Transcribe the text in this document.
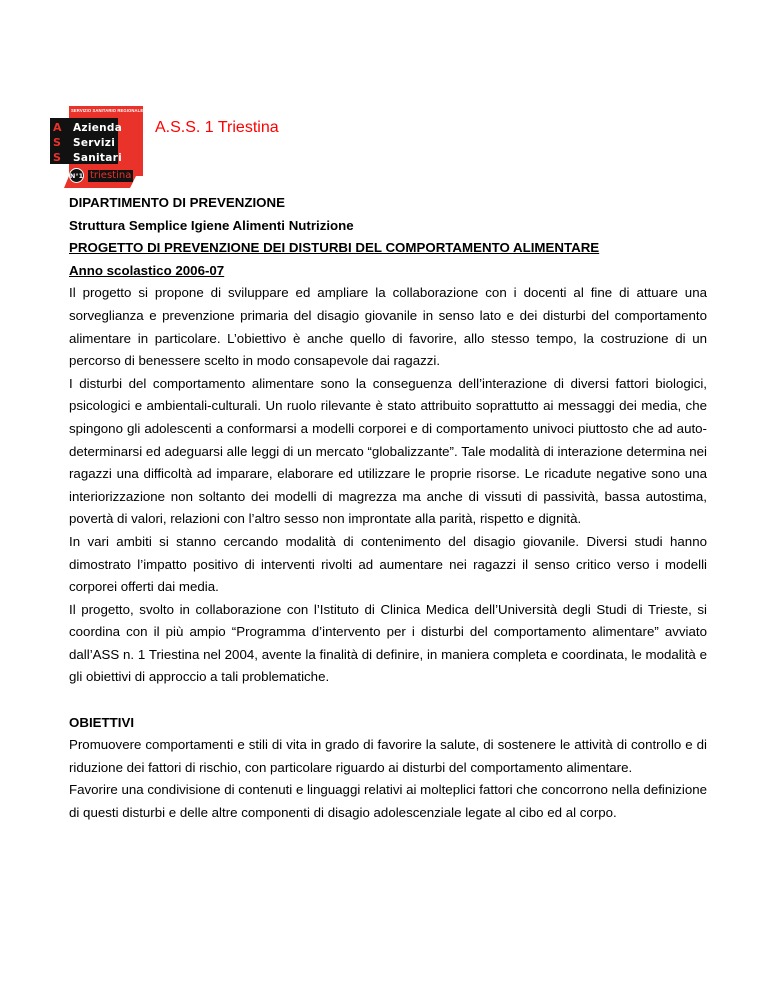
SERVIZIO SANITARIO REGIONALE
A
S
S
Azienda
Servizi
Sanitari
N°1 triestina
A.S.S. 1 Triestina

DIPARTIMENTO DI PREVENZIONE

Struttura Semplice Igiene Alimenti Nutrizione

PROGETTO DI PREVENZIONE DEI DISTURBI DEL COMPORTAMENTO ALIMENTARE

Anno scolastico 2006-07

Il progetto si propone di sviluppare ed ampliare la collaborazione con i docenti al fine di attuare una sorveglianza e prevenzione primaria del disagio giovanile in senso lato e dei disturbi del comportamento alimentare in particolare. L’obiettivo è anche quello di favorire, allo stesso tempo, la costruzione di un percorso di benessere scelto in modo consapevole dai ragazzi.

I disturbi del comportamento alimentare sono la conseguenza dell’interazione di diversi fattori biologici, psicologici e ambientali-culturali. Un ruolo rilevante è stato attribuito soprattutto ai messaggi dei media, che spingono gli adolescenti a conformarsi a modelli corporei e di comportamento univoci piuttosto che ad auto-determinarsi ed adeguarsi alle leggi di un mercato “globalizzante”. Tale modalità di interazione determina nei ragazzi una difficoltà ad imparare, elaborare ed utilizzare le proprie risorse. Le ricadute negative sono una interiorizzazione non soltanto dei modelli di magrezza ma anche di vissuti di passività, bassa autostima, povertà di valori, relazioni con l’altro sesso non improntate alla parità, rispetto e dignità.

In vari ambiti si stanno cercando modalità di contenimento del disagio giovanile. Diversi studi hanno dimostrato l’impatto positivo di interventi rivolti ad aumentare nei ragazzi il senso critico verso i modelli corporei offerti dai media.

Il progetto, svolto in collaborazione con l’Istituto di Clinica Medica dell’Università degli Studi di Trieste, si coordina con il più ampio “Programma d’intervento per i disturbi del comportamento alimentare” avviato dall’ASS n. 1 Triestina nel 2004, avente la finalità di definire, in maniera completa e coordinata, le modalità e gli obiettivi di approccio a tali problematiche.

OBIETTIVI

Promuovere comportamenti e stili di vita in grado di favorire la salute, di sostenere le attività di controllo e di riduzione dei fattori di rischio, con particolare riguardo ai disturbi del comportamento alimentare.

Favorire una condivisione di contenuti e linguaggi relativi ai molteplici fattori che concorrono nella definizione di questi disturbi e delle altre componenti di disagio adolescenziale legate al cibo ed al corpo.
